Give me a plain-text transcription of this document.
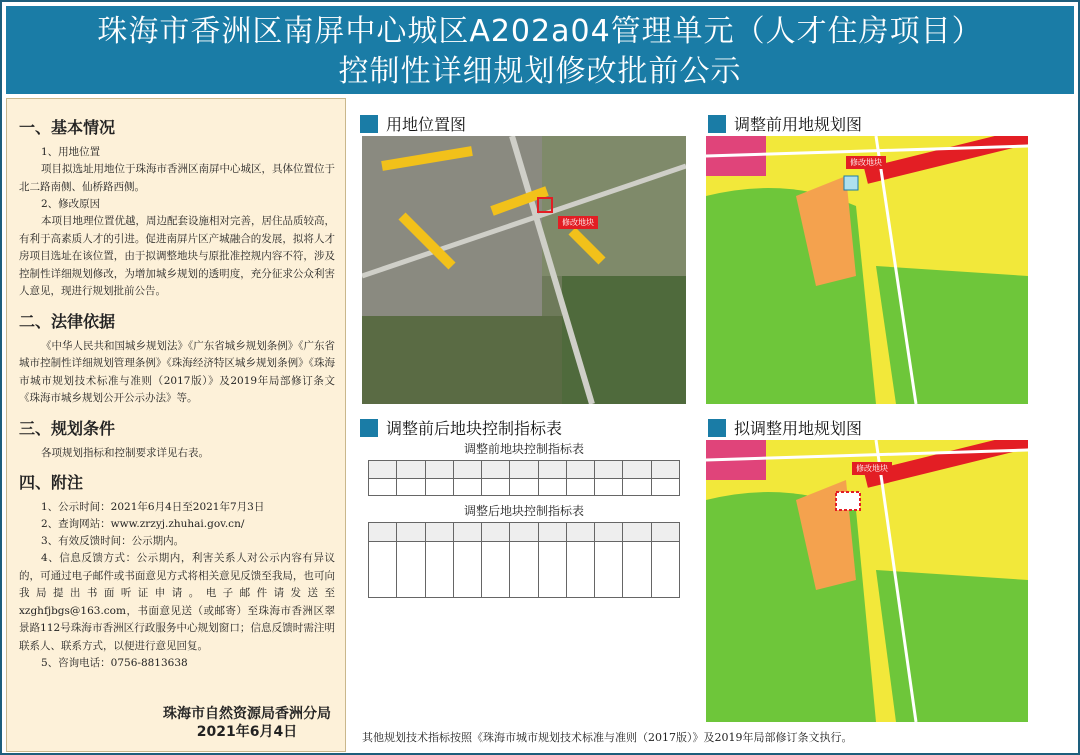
珠海市香洲区南屏中心城区A202a04管理单元（人才住房项目）
控制性详细规划修改批前公示
一、基本情况
1、用地位置
项目拟选址用地位于珠海市香洲区南屏中心城区，具体位置位于北二路南侧、仙桥路西侧。
2、修改原因
本项目地理位置优越，周边配套设施相对完善，居住品质较高，有利于高素质人才的引进。促进南屏片区产城融合的发展，拟将人才房项目选址在该位置，由于拟调整地块与原批准控规内容不符，涉及控制性详细规划修改，为增加城乡规划的透明度，充分征求公众利害人意见，现进行规划批前公告。
二、法律依据
《中华人民共和国城乡规划法》《广东省城乡规划条例》《广东省城市控制性详细规划管理条例》《珠海经济特区城乡规划条例》《珠海市城市规划技术标准与准则（2017版）》及2019年局部修订条文《珠海市城乡规划公开公示办法》等。
三、规划条件
各项规划指标和控制要求详见右表。
四、附注
1、公示时间：2021年6月4日至2021年7月3日
2、查询网站：www.zrzyj.zhuhai.gov.cn/
3、有效反馈时间：公示期内。
4、信息反馈方式：公示期内，利害关系人对公示内容有异议的，可通过电子邮件或书面意见方式将相关意见反馈至我局，也可向我局提出书面听证申请。电子邮件请发送至xzghfjbgs@163.com，书面意见送（或邮寄）至珠海市香洲区翠景路112号珠海市香洲区行政服务中心规划窗口；信息反馈时需注明联系人、联系方式，以便进行意见回复。
5、咨询电话：0756-8813638
珠海市自然资源局香洲分局
2021年6月4日
用地位置图
修改地块
调整前用地规划图
修改地块
调整前后地块控制指标表
调整前地块控制指标表

调整后地块控制指标表

拟调整用地规划图
修改地块
其他规划技术指标按照《珠海市城市规划技术标准与准则（2017版）》及2019年局部修订条文执行。
